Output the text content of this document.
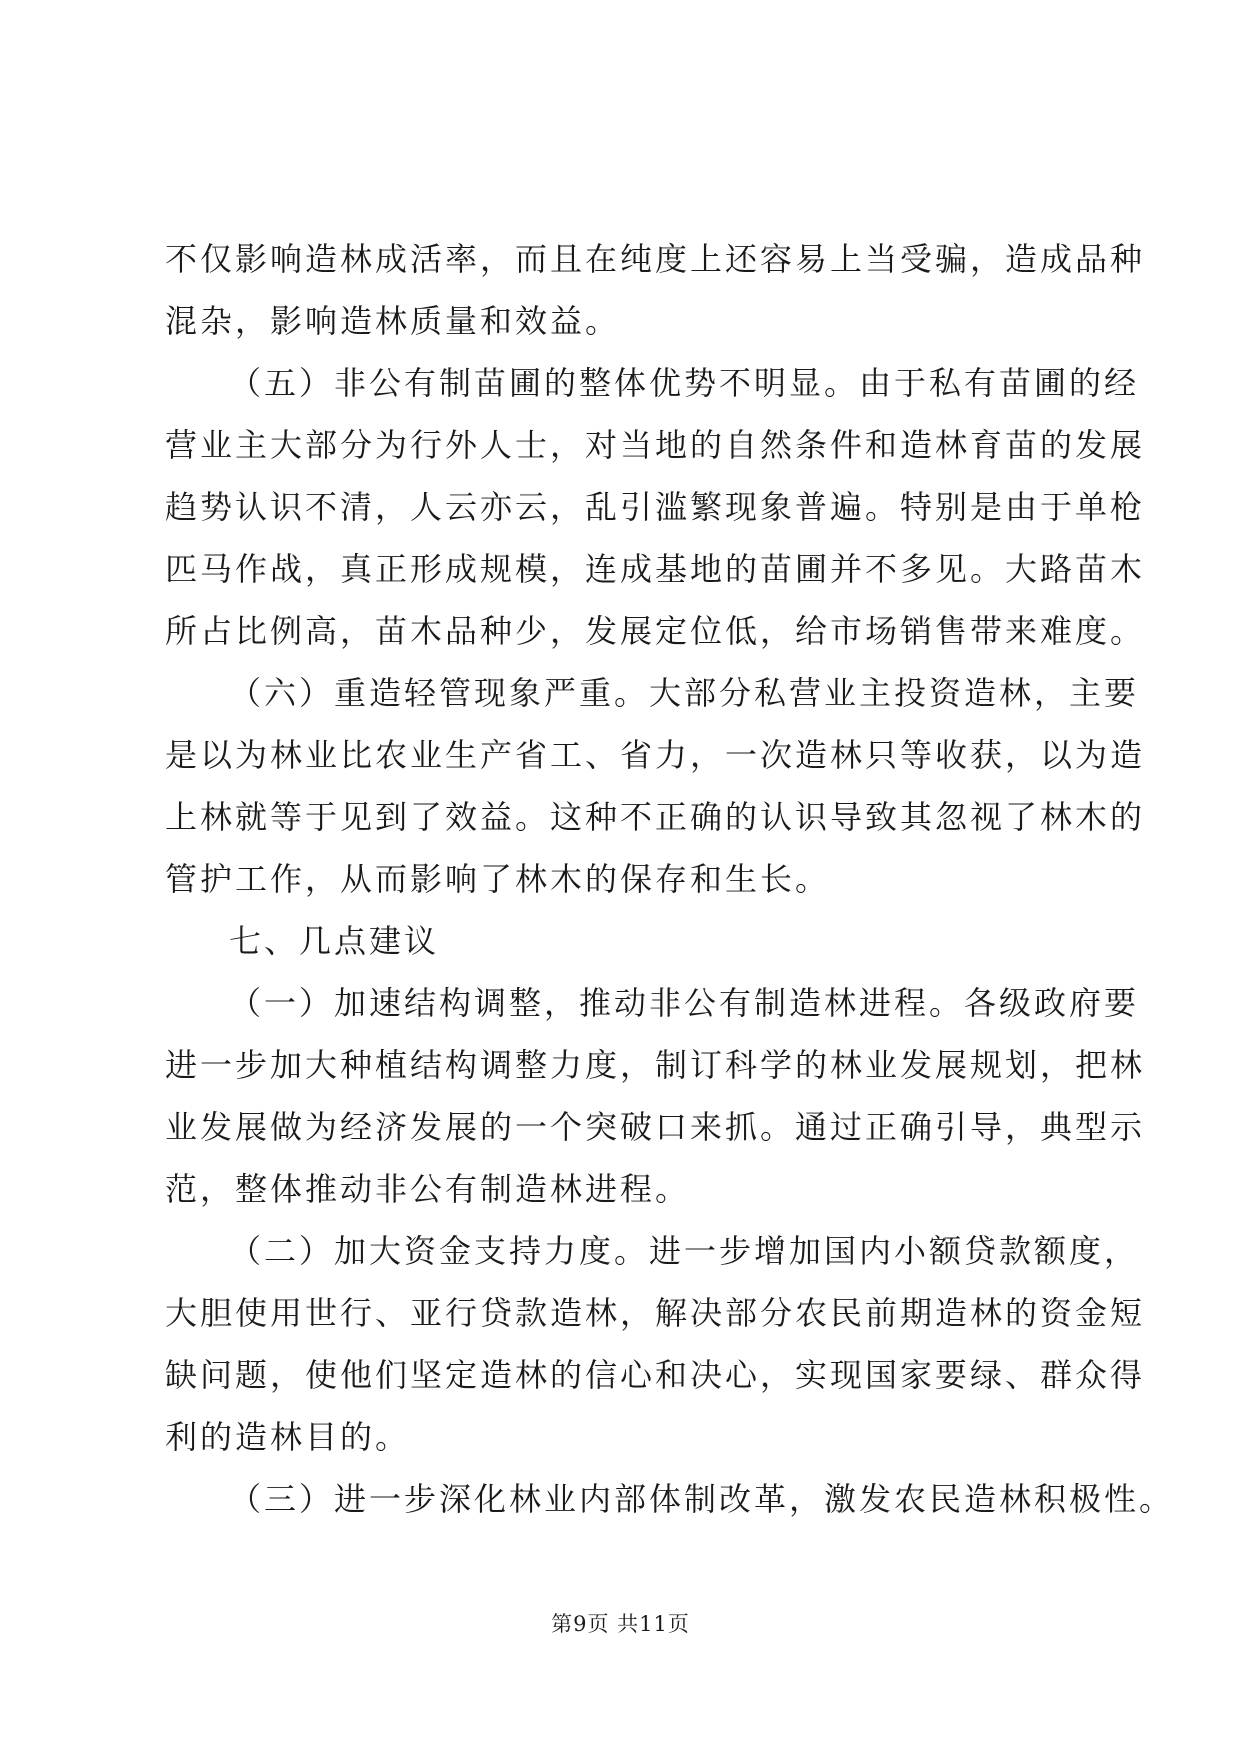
不仅影响造林成活率，而且在纯度上还容易上当受骗，造成品种
混杂，影响造林质量和效益。
（五）非公有制苗圃的整体优势不明显。由于私有苗圃的经
营业主大部分为行外人士，对当地的自然条件和造林育苗的发展
趋势认识不清，人云亦云，乱引滥繁现象普遍。特别是由于单枪
匹马作战，真正形成规模，连成基地的苗圃并不多见。大路苗木
所占比例高，苗木品种少，发展定位低，给市场销售带来难度。
（六）重造轻管现象严重。大部分私营业主投资造林，主要
是以为林业比农业生产省工、省力，一次造林只等收获，以为造
上林就等于见到了效益。这种不正确的认识导致其忽视了林木的
管护工作，从而影响了林木的保存和生长。
七、几点建议
（一）加速结构调整，推动非公有制造林进程。各级政府要
进一步加大种植结构调整力度，制订科学的林业发展规划，把林
业发展做为经济发展的一个突破口来抓。通过正确引导，典型示
范，整体推动非公有制造林进程。
（二）加大资金支持力度。进一步增加国内小额贷款额度，
大胆使用世行、亚行贷款造林，解决部分农民前期造林的资金短
缺问题，使他们坚定造林的信心和决心，实现国家要绿、群众得
利的造林目的。
（三）进一步深化林业内部体制改革，激发农民造林积极性。
第9页 共11页
